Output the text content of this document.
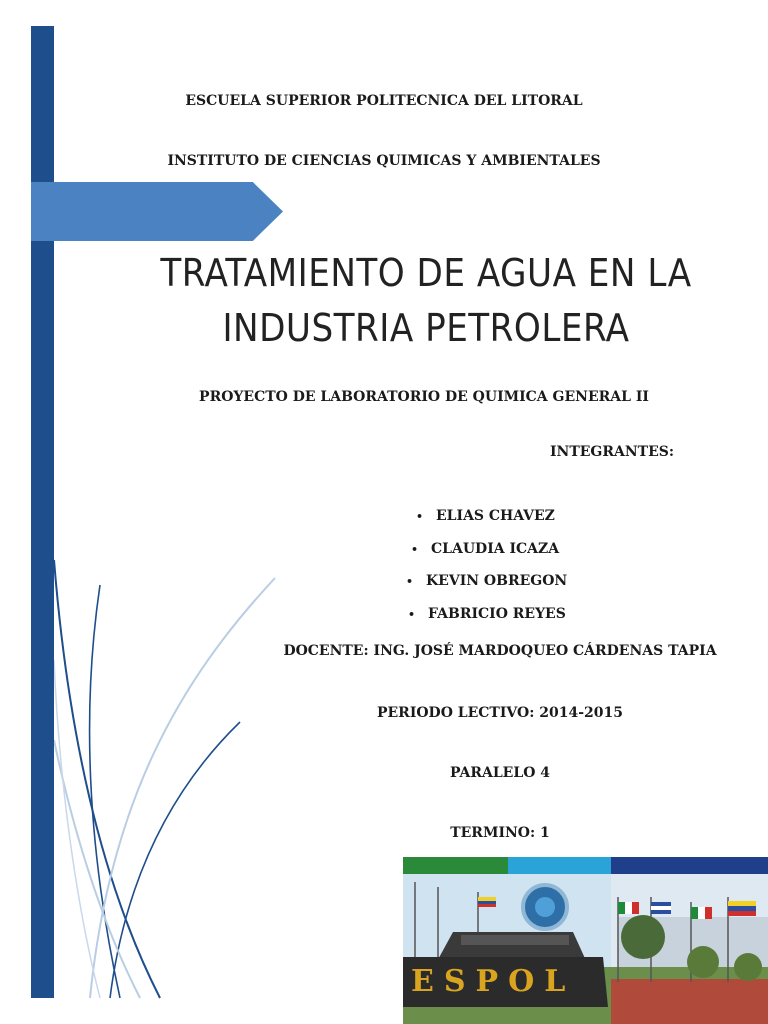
ESCUELA SUPERIOR POLITECNICA DEL LITORAL
INSTITUTO DE CIENCIAS QUIMICAS Y AMBIENTALES
TRATAMIENTO DE AGUA EN LA
INDUSTRIA PETROLERA
PROYECTO DE LABORATORIO DE QUIMICA GENERAL II
INTEGRANTES:
• ELIAS CHAVEZ
• CLAUDIA ICAZA
• KEVIN OBREGON
• FABRICIO REYES
DOCENTE: ING. JOSÉ MARDOQUEO CÁRDENAS TAPIA
PERIODO LECTIVO: 2014-2015
PARALELO 4
TERMINO: 1
ESPOL
